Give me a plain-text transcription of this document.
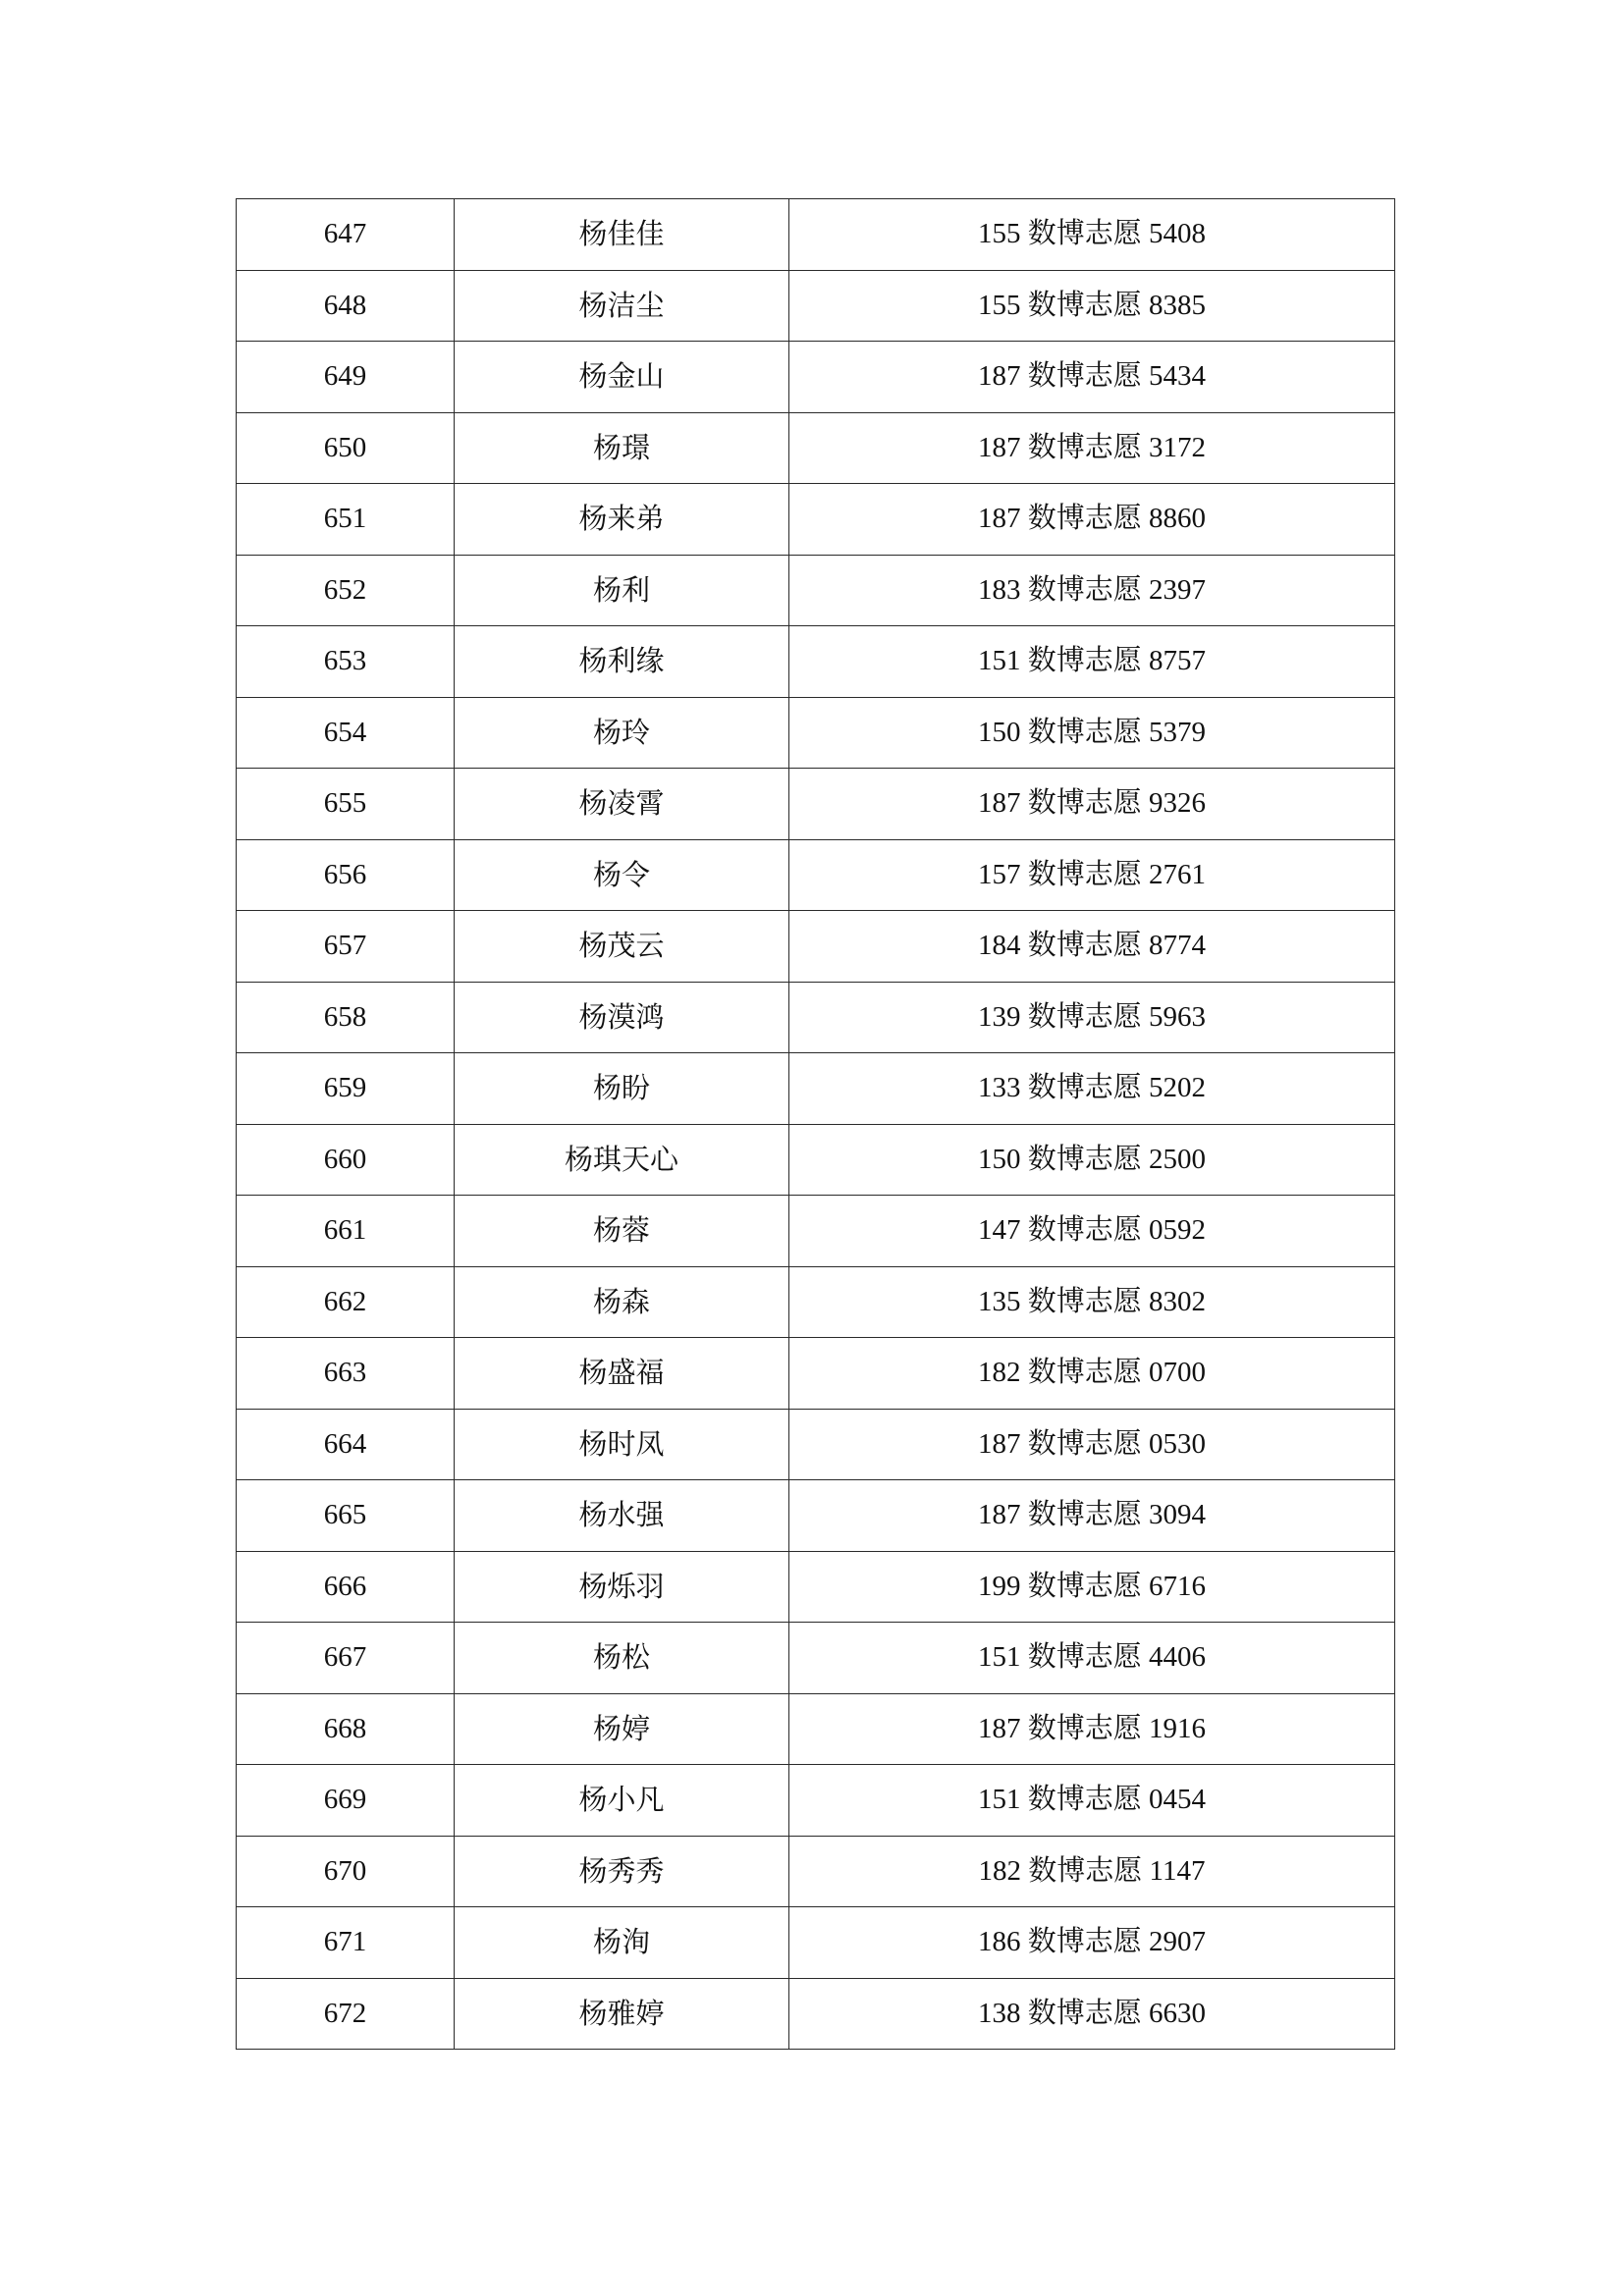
647	杨佳佳	155 数博志愿 5408
648	杨洁尘	155 数博志愿 8385
649	杨金山	187 数博志愿 5434
650	杨璟	187 数博志愿 3172
651	杨来弟	187 数博志愿 8860
652	杨利	183 数博志愿 2397
653	杨利缘	151 数博志愿 8757
654	杨玲	150 数博志愿 5379
655	杨凌霄	187 数博志愿 9326
656	杨令	157 数博志愿 2761
657	杨茂云	184 数博志愿 8774
658	杨漠鸿	139 数博志愿 5963
659	杨盼	133 数博志愿 5202
660	杨琪天心	150 数博志愿 2500
661	杨蓉	147 数博志愿 0592
662	杨森	135 数博志愿 8302
663	杨盛福	182 数博志愿 0700
664	杨时凤	187 数博志愿 0530
665	杨水强	187 数博志愿 3094
666	杨烁羽	199 数博志愿 6716
667	杨松	151 数博志愿 4406
668	杨婷	187 数博志愿 1916
669	杨小凡	151 数博志愿 0454
670	杨秀秀	182 数博志愿 1147
671	杨洵	186 数博志愿 2907
672	杨雅婷	138 数博志愿 6630
